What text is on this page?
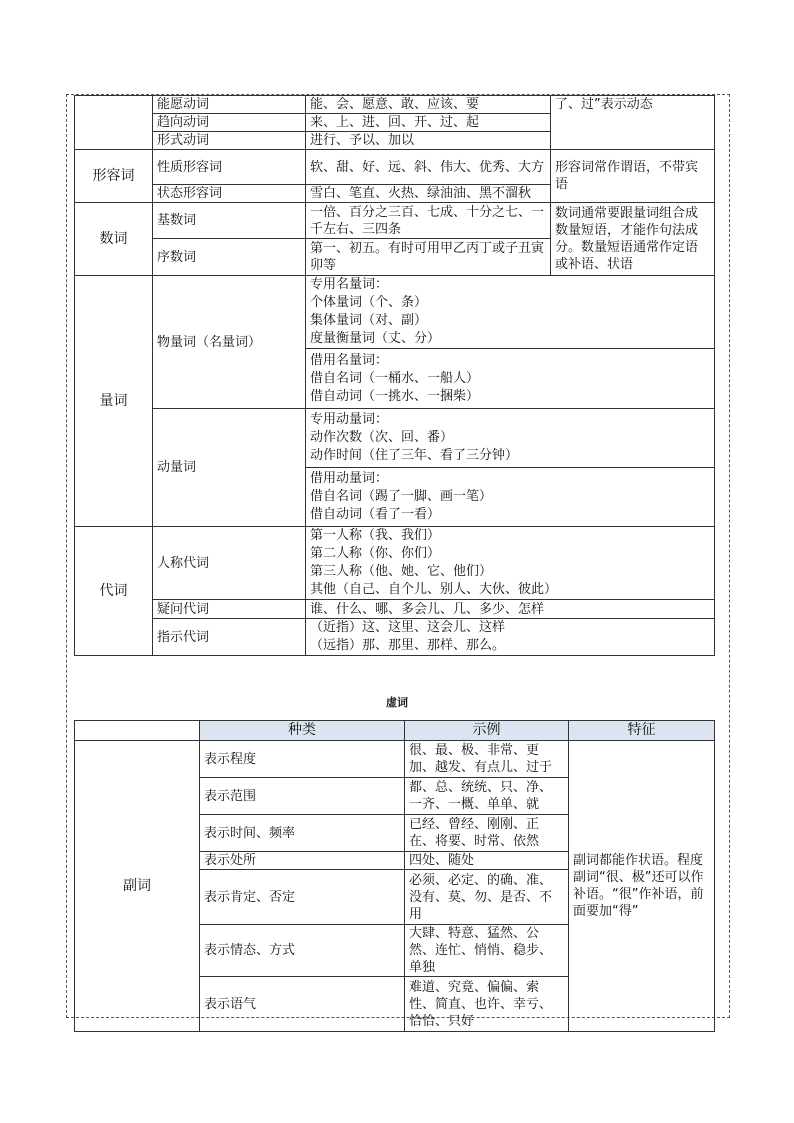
	能愿动词	能、会、愿意、敢、应该、要	了、过”表示动态
	趋向动词	来、上、进、回、开、过、起	
	形式动词	进行、予以、加以	
形容词	性质形容词	软、甜、好、远、斜、伟大、优秀、大方	形容词常作谓语，不带宾语
	状态形容词	雪白、笔直、火热、绿油油、黑不溜秋	
数词	基数词	一倍、百分之三百、七成、十分之七、一千左右、三四条	数词通常要跟量词组合成数量短语，才能作句法成分。数量短语通常作定语或补语、状语
	序数词	第一、初五。有时可用甲乙丙丁或子丑寅卯等	
量词	物量词（名量词）	专用名量词：
个体量词（个、条）
集体量词（对、副）
度量衡量词（丈、分）	

		借用名量词：
借自名词（一桶水、一船人）
借自动词（一挑水、一捆柴）	

	动量词	专用动量词：
动作次数（次、回、番）
动作时间（住了三年、看了三分钟）	

		借用动量词：
借自名词（踢了一脚、画一笔）
借自动词（看了一看）	

代词	人称代词	第一人称（我、我们）
第二人称（你、你们）
第三人称（他、她、它、他们）
其他（自己、自个儿、别人、大伙、彼此）	

	疑问代词	谁、什么、哪、多会儿、几、多少、怎样	
	指示代词	（近指）这、这里、这会儿、这样
（远指）那、那里、那样、那么。	
虚词
	种类	示例	特征
副词	表示程度	很、最、极、非常、更加、越发、有点儿、过于	副词都能作状语。程度副词“很、极”还可以作补语。“很”作补语，前面要加“得”
	表示范围	都、总、统统、只、净、一齐、一概、单单、就	
	表示时间、频率	已经、曾经、刚刚、正在、将要、时常、依然	
	表示处所	四处、随处	
	表示肯定、否定	必须、必定、的确、准、没有、莫、勿、是否、不用	
	表示情态、方式	大肆、特意、猛然、公然、连忙、悄悄、稳步、单独	
	表示语气	难道、究竟、偏偏、索性、简直、也许、幸亏、恰恰、只好	
